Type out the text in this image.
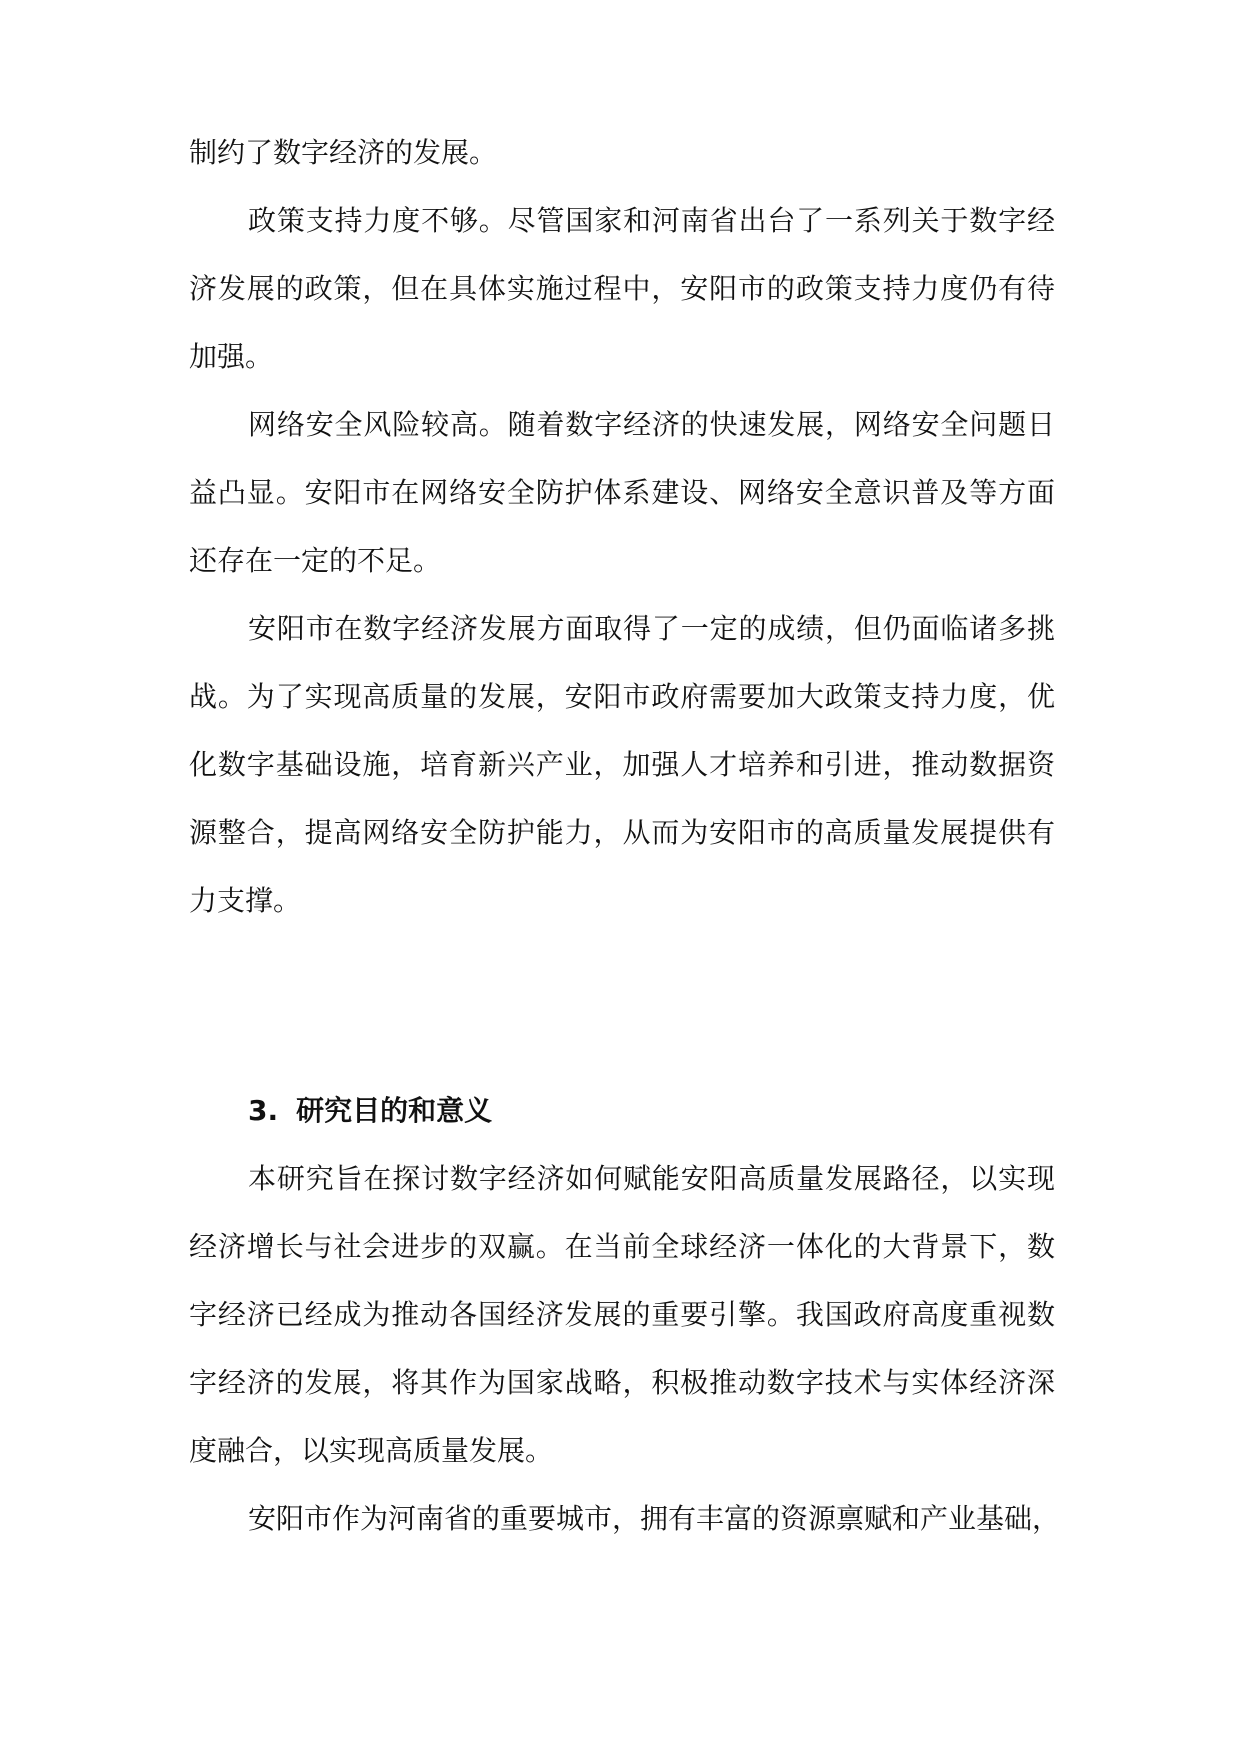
制约了数字经济的发展。
政策支持力度不够。尽管国家和河南省出台了一系列关于数字经
济发展的政策，但在具体实施过程中，安阳市的政策支持力度仍有待
加强。
网络安全风险较高。随着数字经济的快速发展，网络安全问题日
益凸显。安阳市在网络安全防护体系建设、网络安全意识普及等方面
还存在一定的不足。
安阳市在数字经济发展方面取得了一定的成绩，但仍面临诸多挑
战。为了实现高质量的发展，安阳市政府需要加大政策支持力度，优
化数字基础设施，培育新兴产业，加强人才培养和引进，推动数据资
源整合，提高网络安全防护能力，从而为安阳市的高质量发展提供有
力支撑。
3. 研究目的和意义
本研究旨在探讨数字经济如何赋能安阳高质量发展路径，以实现
经济增长与社会进步的双赢。在当前全球经济一体化的大背景下，数
字经济已经成为推动各国经济发展的重要引擎。我国政府高度重视数
字经济的发展，将其作为国家战略，积极推动数字技术与实体经济深
度融合，以实现高质量发展。
安阳市作为河南省的重要城市，拥有丰富的资源禀赋和产业基础，
